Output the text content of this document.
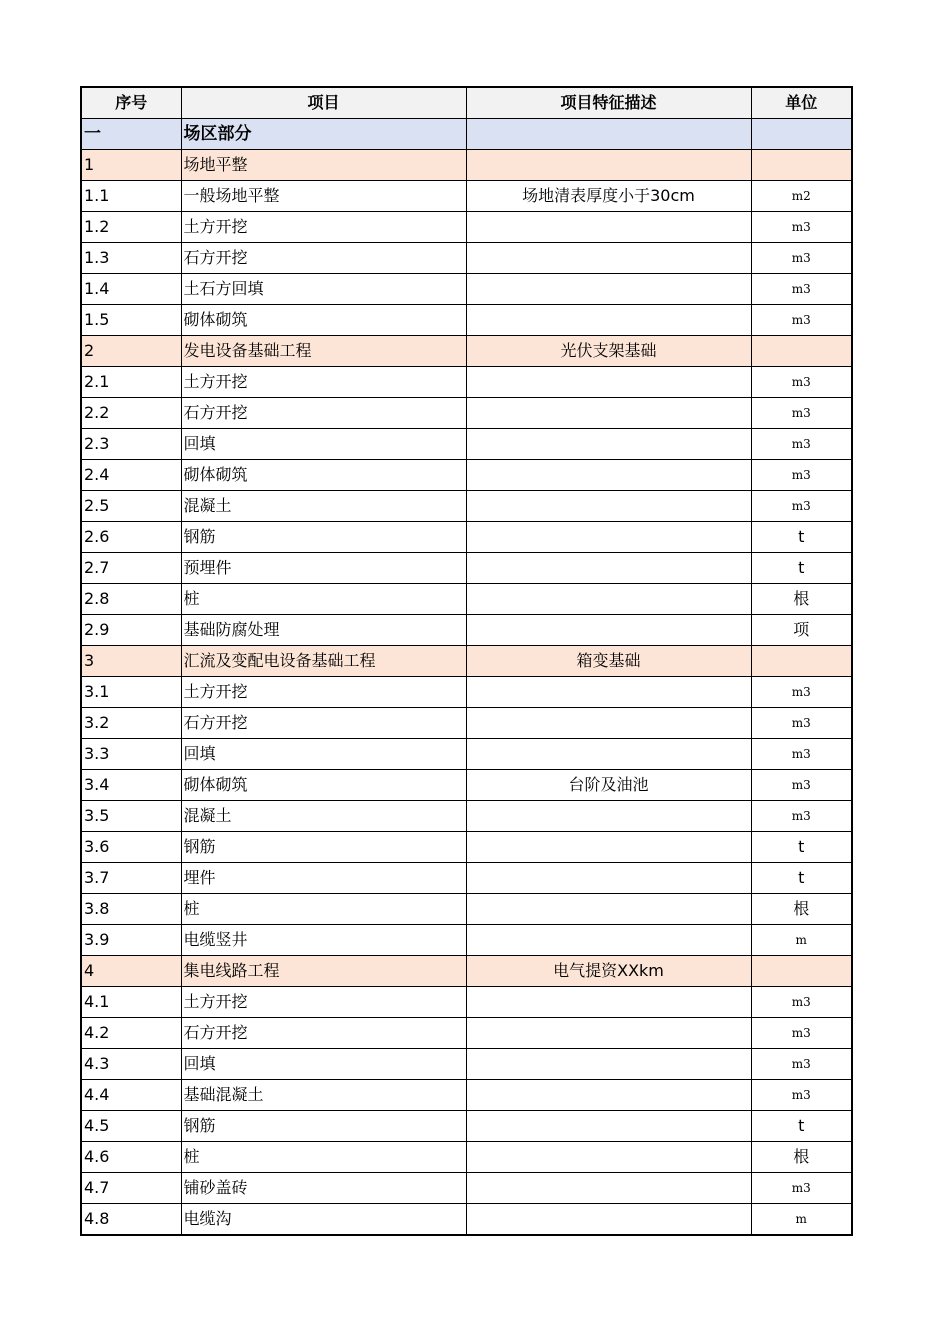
序号	项目	项目特征描述	单位
一	场区部分		
1	场地平整		
1.1	一般场地平整	场地清表厚度小于30cm	m2
1.2	土方开挖		m3
1.3	石方开挖		m3
1.4	土石方回填		m3
1.5	砌体砌筑		m3
2	发电设备基础工程	光伏支架基础	
2.1	土方开挖		m3
2.2	石方开挖		m3
2.3	回填		m3
2.4	砌体砌筑		m3
2.5	混凝土		m3
2.6	钢筋		t
2.7	预埋件		t
2.8	桩		根
2.9	基础防腐处理		项
3	汇流及变配电设备基础工程	箱变基础	
3.1	土方开挖		m3
3.2	石方开挖		m3
3.3	回填		m3
3.4	砌体砌筑	台阶及油池	m3
3.5	混凝土		m3
3.6	钢筋		t
3.7	埋件		t
3.8	桩		根
3.9	电缆竖井		m
4	集电线路工程	电气提资XXkm	
4.1	土方开挖		m3
4.2	石方开挖		m3
4.3	回填		m3
4.4	基础混凝土		m3
4.5	钢筋		t
4.6	桩		根
4.7	铺砂盖砖		m3
4.8	电缆沟		m
